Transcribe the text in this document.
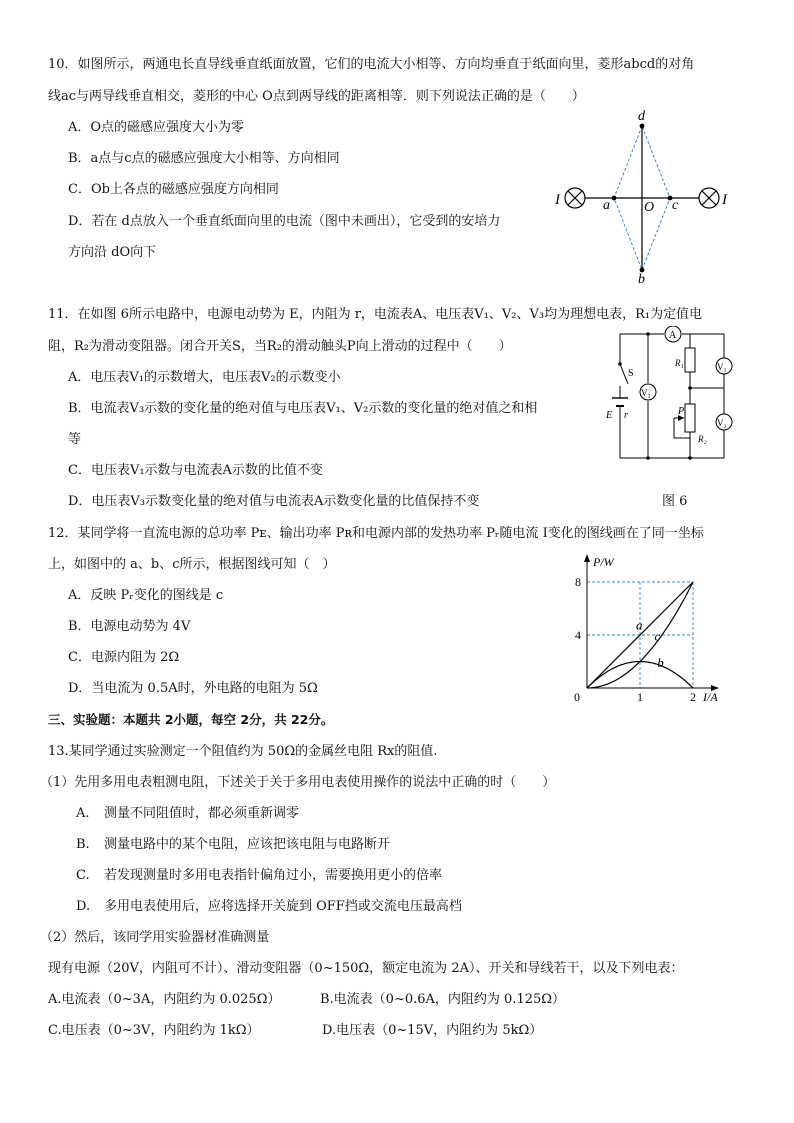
10．如图所示，两通电长直导线垂直纸面放置，它们的电流大小相等、方向均垂直于纸面向里，菱形abcd的对角
线ac与两导线垂直相交，菱形的中心 O点到两导线的距离相等．则下列说法正确的是（　　）
A．O点的磁感应强度大小为零
B．a点与c点的磁感应强度大小相等、方向相同
C．Ob上各点的磁感应强度方向相同
D．若在 d点放入一个垂直纸面向里的电流（图中未画出），它受到的安培力
方向沿 dO向下
d
a O c
b
I	I
11．在如图 6所示电路中，电源电动势为 E，内阻为 r，电流表A、电压表V₁、V₂、V₃均为理想电表，R₁为定值电
阻，R₂为滑动变阻器。闭合开关S，当R₂的滑动触头P向上滑动的过程中（　　）
A．电压表V₁的示数增大，电压表V₂的示数变小
B．电流表V₃示数的变化量的绝对值与电压表V₁、V₂示数的变化量的绝对值之和相
等
C．电压表V₁示数与电流表A示数的比值不变
D．电压表V₃示数变化量的绝对值与电流表A示数变化量的比值保持不变	图 6
A
V₁
V₂
V₃
R₁
R₂
P
S
E r
12．某同学将一直流电源的总功率 Pᴇ、输出功率 Pʀ和电源内部的发热功率 Pᵣ随电流 I变化的图线画在了同一坐标
上，如图中的 a、b、c所示，根据图线可知（　）
A．反映 Pᵣ变化的图线是 c
B．电源电动势为 4V
C．电源内阻为 2Ω
D．当电流为 0.5A时，外电路的电阻为 5Ω
a
b
c
4
8
0	1	2 I/A
P/W
三、实验题：本题共 2小题，每空 2分，共 22分。
13.某同学通过实验测定一个阻值约为 50Ω的金属丝电阻 Rx的阻值.
（1）先用多用电表粗测电阻，下述关于关于多用电表使用操作的说法中正确的时（　　）
A. 测量不同阻值时，都必须重新调零
B. 测量电路中的某个电阻，应该把该电阻与电路断开
C. 若发现测量时多用电表指针偏角过小，需要换用更小的倍率
D. 多用电表使用后，应将选择开关旋到 OFF挡或交流电压最高档
（2）然后，该同学用实验器材准确测量
现有电源（20V，内阻可不计）、滑动变阻器（0~150Ω，额定电流为 2A）、开关和导线若干，以及下列电表：
A.电流表（0~3A，内阻约为 0.025Ω）	B.电流表（0~0.6A，内阻约为 0.125Ω）
C.电压表（0~3V，内阻约为 1kΩ）	D.电压表（0~15V，内阻约为 5kΩ）
